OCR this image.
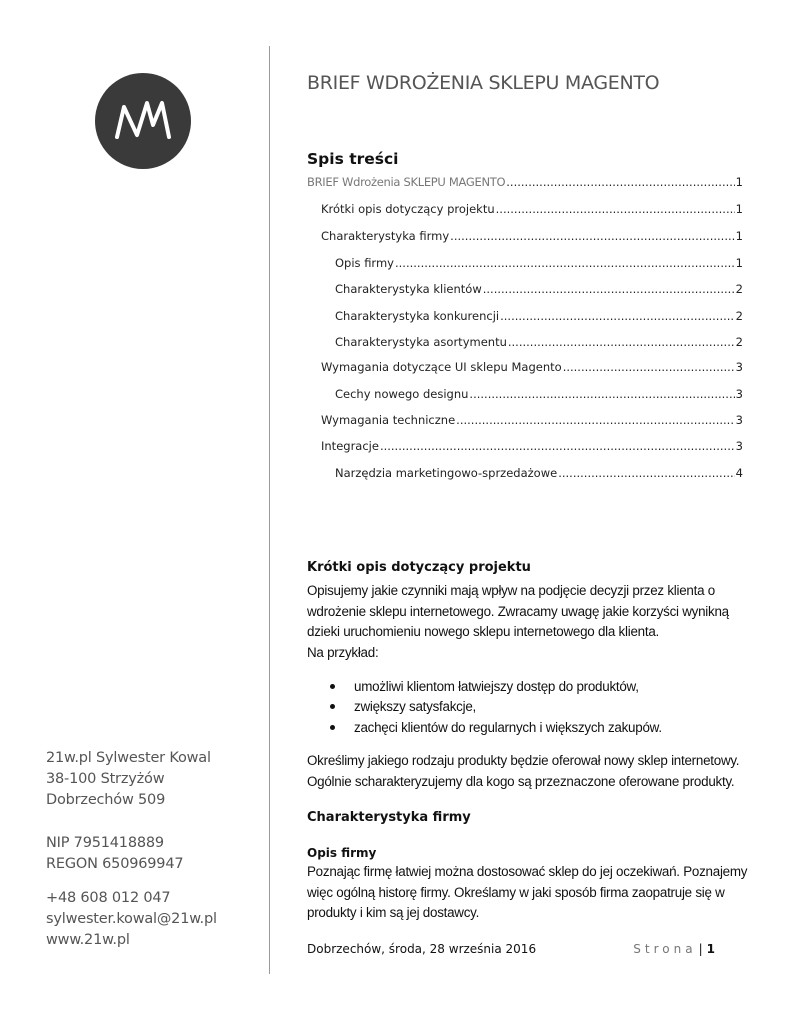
21w.pl Sylwester Kowal
38-100 Strzyżów
Dobrzechów 509
NIP 7951418889
REGON 650969947
+48 608 012 047
sylwester.kowal@21w.pl
www.21w.pl
BRIEF WDROŻENIA SKLEPU MAGENTO
Spis treści
BRIEF Wdrożenia SKLEPU MAGENTO .....	1
Krótki opis dotyczący projektu .....	1
Charakterystyka firmy .....	1
Opis firmy .....	1
Charakterystyka klientów .....	2
Charakterystyka konkurencji .....	2
Charakterystyka asortymentu .....	2
Wymagania dotyczące UI sklepu Magento .....	3
Cechy nowego designu .....	3
Wymagania techniczne .....	3
Integracje .....	3
Narzędzia marketingowo-sprzedażowe .....	4
Krótki opis dotyczący projektu
Opisujemy jakie czynniki mają wpływ na podjęcie decyzji przez klienta o
wdrożenie sklepu internetowego. Zwracamy uwagę jakie korzyści wynikną
dzieki uruchomieniu nowego sklepu internetowego dla klienta.
Na przykład:
umożliwi klientom łatwiejszy dostęp do produktów,
zwiększy satysfakcje,
zachęci klientów do regularnych i większych zakupów.
Określimy jakiego rodzaju produkty będzie oferował nowy sklep internetowy.
Ogólnie scharakteryzujemy dla kogo są przeznaczone oferowane produkty.
Charakterystyka firmy
Opis firmy
Poznając firmę łatwiej można dostosować sklep do jej oczekiwań. Poznajemy
więc ogólną historę firmy. Określamy w jaki sposób firma zaopatruje się w
produkty i kim są jej dostawcy.
Dobrzechów, środa, 28 września 2016	Strona | 1
